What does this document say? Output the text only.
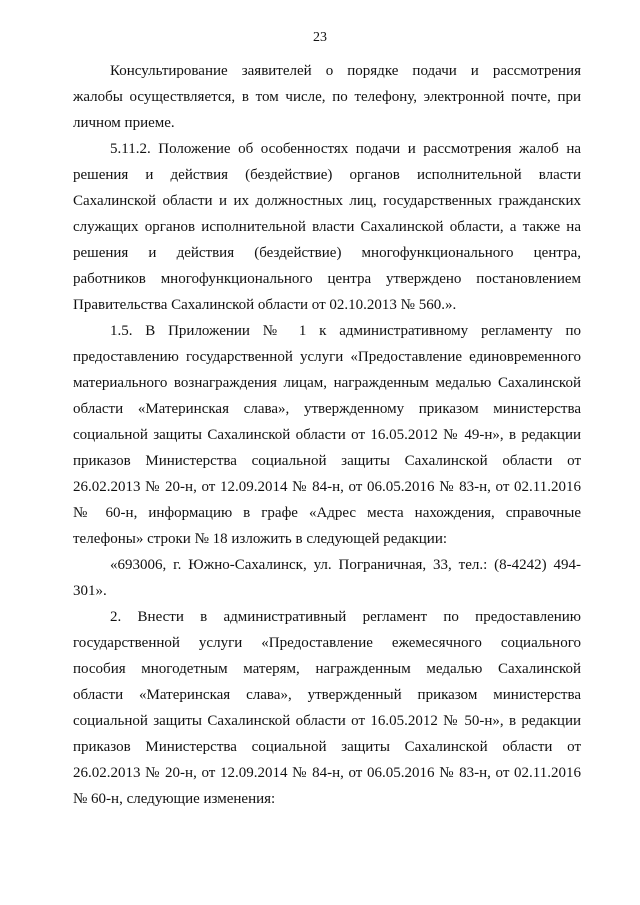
23
Консультирование заявителей о порядке подачи и рассмотрения
жалобы осуществляется, в том числе, по телефону, электронной почте, при
личном приеме.
5.11.2. Положение об особенностях подачи и рассмотрения жалоб на
решения и действия (бездействие) органов исполнительной власти
Сахалинской области и их должностных лиц, государственных гражданских
служащих органов исполнительной власти Сахалинской области, а также на
решения и действия (бездействие) многофункционального центра,
работников многофункционального центра утверждено постановлением
Правительства Сахалинской области от 02.10.2013 № 560.».
1.5. В Приложении № 1 к административному регламенту по
предоставлению государственной услуги «Предоставление единовременного
материального вознаграждения лицам, награжденным медалью Сахалинской
области «Материнская слава», утвержденному приказом министерства
социальной защиты Сахалинской области от 16.05.2012 № 49-н», в редакции
приказов Министерства социальной защиты Сахалинской области от
26.02.2013 № 20-н, от 12.09.2014 № 84-н, от 06.05.2016 № 83-н, от 02.11.2016
№ 60-н, информацию в графе «Адрес места нахождения, справочные
телефоны» строки № 18 изложить в следующей редакции:
«693006, г. Южно-Сахалинск, ул. Пограничная, 33, тел.: (8-4242) 494-
301».
2. Внести в административный регламент по предоставлению
государственной услуги «Предоставление ежемесячного социального
пособия многодетным матерям, награжденным медалью Сахалинской
области «Материнская слава», утвержденный приказом министерства
социальной защиты Сахалинской области от 16.05.2012 № 50-н», в редакции
приказов Министерства социальной защиты Сахалинской области от
26.02.2013 № 20-н, от 12.09.2014 № 84-н, от 06.05.2016 № 83-н, от 02.11.2016
№ 60-н, следующие изменения:
